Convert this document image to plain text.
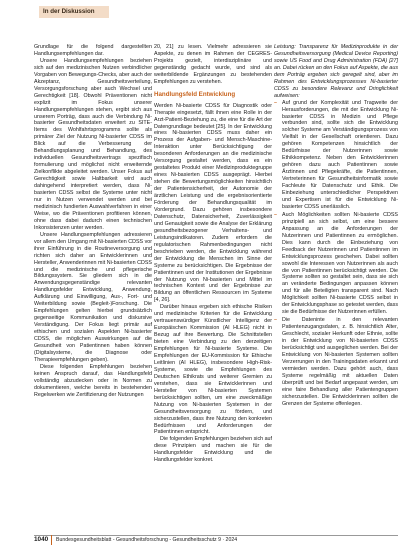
In der Diskussion

Grundlage für die folgend dargestellten Handlungsempfehlungen dar.

Unsere Handlungsempfehlungen beziehen sich auf den medizinischen Nutzen verbindlicher Vorgaben von Bewegungs-Checks, aber auch der Akzeptanz, Gesundheitsverteilung, Versorgungsforschung aber auch Wechsel und Gerechtigkeit [18]. Obwohl Präventionen nicht explizit im Fokus unserer Handlungsempfehlungen stehen, ergibt sich aus unserem Porträg, dass auch die Verbindung Ni-basierter Gesundheitsdaten erweitert zu SITE-Items des Wohlfahrtsprogramms sollte als primärer Ziel der Nutzung Ni-basierter CDSS im Blick auf die Verbesserung der Behandlungsplanung und Behandlung, des individuellen Gesundheitsvertrags spezifisch formulierung und möglichst nicht erweiternde Zielkonflikte abgeleitet werden. Unser Fokus auf Gerechtigkeit sowie Haltbarkeit wird auch dahingehend interpretiert werden, dass Ni-basierten CDSS selbst die Systeme unter nicht nur in Nutzen verwendet werden und bei medizinisch fundierten Auswahlverfahren in einer Weise, wo die Präventionen profitieren können, ohne dass dabei dadurch einen technischen Inkonsistenzen unter werden.

Unsere Handlungsempfehlungen adressieren vor allem den Umgang mit Ni-basierten CDSS vor ihrer Einführung in die Routineversorgung und richten sich daher an Entwicklerinnen und Hersteller, Anwenderinnen mit Ni-basierten CDSS und die medizinische und pflegerische Bildungssystem. Sie gliedern sich in die Anwendungsgegenständige relevanten Handlungsfelder Entwicklung, Anwendung, Aufklärung und Einwilligung, Aus-, Fort- und Weiterbildung sowie (Begleit-)Forschung. Die Empfehlungen gelten hierbei grundsätzlich gegenseitige Kommunikation und diskursive Verständigung. Der Fokus liegt primär auf ethischen und sozialen Aspekten Ni-basierter CDSS, die möglichen Auswirkungen auf die Gesundheit von Patientinnen haben können (Digitalsysteme, die Diagnose oder Therapieempfehlungen geben).

Diese folgenden Empfehlungen beziehen keinen Anspruch darauf, das Handlungsfeld vollständig abzudecken oder in Normen zu dokumentieren, welche bereits in bestehenden Regelwerken wie Zertifizierung der Nutzungen

20, 21] zu lesen. Vielmehr adressieren sie Aspekte, zu denen im Rahmen der CEGRES-Projekts gezielt, interdisziplinäre und gegenständig gedacht wurde, und sind als weiterbildende Ergänzungen zu bestehenden Empfehlungen zu verstehen.

Handlungsfeld Entwicklung

Werden Ni-basierte CDSS für Diagnostik oder Therapie eingesetzt, fällt ihnen eine Rolle in der Arzt-Patient-Beziehung zu, die eine für die Art der Datengrundlage bedeutet [25]. In der Entwicklung eines Ni-basierten CDSS muss daher ein Prozess der Aufgaben- und Mensch-Maschine-Interaktion unter Berücksichtigung der besonderen Anforderungen an die medizinische Versorgung gestaltet werden, dass es ein gestaltetes Produkt einer Medizinproduktegruppe eines Ni-basierten CDSS ausgeprägt. Hierbei stehen die Bewertungsmöglichkeiten hinsichtlich der Patientensicherheit, der Autonomie der ärztlichen Leistung und die ergebnisorientierte Förderung der Behandlungsqualität im Vordergrund. Dazu gehören insbesondere Datenschutz, Datensicherheit, Zuverlässigkeit und Genauigkeit sowie die Analyse der Erklärung gesundheitsbezogener Verhaltens- und Leistungsindikatoren. Zudem erfordern die regulatorischen Rahmenbedingungen nicht beschrieben werden, die Entwicklung während der Entwicklung die Menschen im Sinne der Systeme zu berücksichtigen. Die Ergebnisse der Patientinnen und der Institutionen der Ergebnisse der Nutzung von Ni-basierten und Mittel im technischen Kontext und der Ergebnisse zur Bildung an öffentlichen Ressourcen im Systeme [4, 26].

Darüber hinaus ergeben sich ethische Risiken und medizinische Kriterien für die Entwicklung vertrauenswürdiger Künstlicher Intelligenz der Europäischen Kommission (AI HLEG) nicht in Bezug auf ihre Bewertung. Die Schnittstellen bieten eine Verbindung zu den derzeitigen Empfehlungen für Ni-basierte Systeme. Die Empfehlungen der EU-Kommission für Ethische Leitlinien (AI HLEG), insbesondere High-Risk-Systeme, sowie die Empfehlungen des Deutschen Ethikrats und weiterer Gremien zu verstehen, dass sie Entwicklerinnen und Hersteller von Ni-basierten Systemen berücksichtigen sollten, um eine zweckmäßige Nutzung von Ni-basierten Systemen in der Gesundheitsversorgung zu fördern, und sicherzustellen, dass ihre Nutzung den konkreten Bedürfnissen und Anforderungen der Patientinnen entspricht.

Die folgenden Empfehlungen beziehen sich auf diese Prinzipien und machen sie für die Handlungsfelder Entwicklung und die Handlungsfelder konkret.

Leistung: Transparenz für Medizinprodukte in der Gesundheitsversorgung (Medical Device Reporting) sowie US Food and Drug Administration (FDA) [27] an. Dabei rücken an den Fokus auf Aspekte, die aus dem Porträg ergeben sich geregelt sind, aber im Rahmen des Entwicklungsprozesses Ni-basierter CDSS zu besondere Relevanz und Dringlichkeit aufweisen:

– Auf grund der Komplexität und Tragweite der Herausforderungen, die mit der Entwicklung Ni-basierter CDSS in Medizin und Pflege verbunden sind, sollte sich die Entwicklung solcher Systeme am Verständigungsprozess von Vielfalt in der Gesellschaft orientieren. Dazu gehören Kompetenzen hinsichtlich der Bedürfnisse der Nutzerinnen sowie Ethikkompetenz. Neben den Entwicklerinnen gehören dazu auch Patientinnen sowie Ärztinnen und Pflegekräfte, die Patientinnen, Vertreterinnen für Gesundheitsinformatik sowie Fachleute für Datenschutz und Ethik. Die Einbeziehung unterschiedlicher Perspektiven und Expertisen ist für die Entwicklung Ni-basierter CDSS unerlässlich.
– Auch Möglichkeiten sollten Ni-basierte CDSS prinzipiell an sich selbst, um eine bessere Anpassung an die Anforderungen der Nutzerinnen und Patientinnen zu ermöglichen. Dies kann durch die Einbeziehung von Feedback der Nutzerinnen und Patientinnen im Entwicklungsprozess geschehen. Dabei sollten sowohl die Interessen von Nutzerinnen als auch die von Patientinnen berücksichtigt werden. Die Systeme sollten so gestaltet sein, dass sie sich an veränderte Bedingungen anpassen können und für alle Beteiligten transparent sind. Nach Möglichkeit sollten Ni-basierte CDSS selbst in der Entwicklungsphase so getestet werden, dass sie die Bedürfnisse der Nutzerinnen erfüllen.
– Die Dateninte in den relevanten Patientenzugangsdaten, z. B. hinsichtlich Alter, Geschlecht, sozialer Herkunft oder Ethnie, sollte in der Entwicklung von Ni-basierten CDSS berücksichtigt und ausgeglichen werden. Bei der Entwicklung von Ni-basierten Systemen sollten Verzerrungen in den Trainingsdaten erkannt und vermieden werden. Dazu gehört auch, dass Systeme regelmäßig mit aktuellen Daten überprüft und bei Bedarf angepasst werden, um eine faire Behandlung aller Patientengruppen sicherzustellen. Die Entwicklerinnen sollten die Grenzen der Systeme offenlegen.
1040 Bundesgesundheitsblatt - Gesundheitsforschung - Gesundheitsschutz 9 · 2024
